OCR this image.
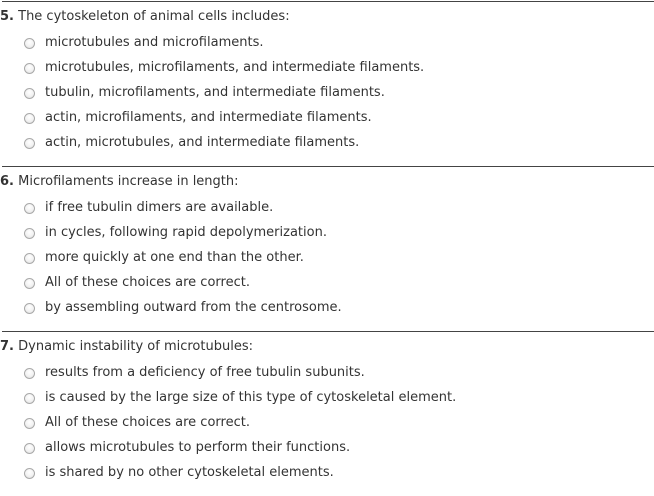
5. The cytoskeleton of animal cells includes:
microtubules and microfilaments.
microtubules, microfilaments, and intermediate filaments.
tubulin, microfilaments, and intermediate filaments.
actin, microfilaments, and intermediate filaments.
actin, microtubules, and intermediate filaments.
6. Microfilaments increase in length:
if free tubulin dimers are available.
in cycles, following rapid depolymerization.
more quickly at one end than the other.
All of these choices are correct.
by assembling outward from the centrosome.
7. Dynamic instability of microtubules:
results from a deficiency of free tubulin subunits.
is caused by the large size of this type of cytoskeletal element.
All of these choices are correct.
allows microtubules to perform their functions.
is shared by no other cytoskeletal elements.
